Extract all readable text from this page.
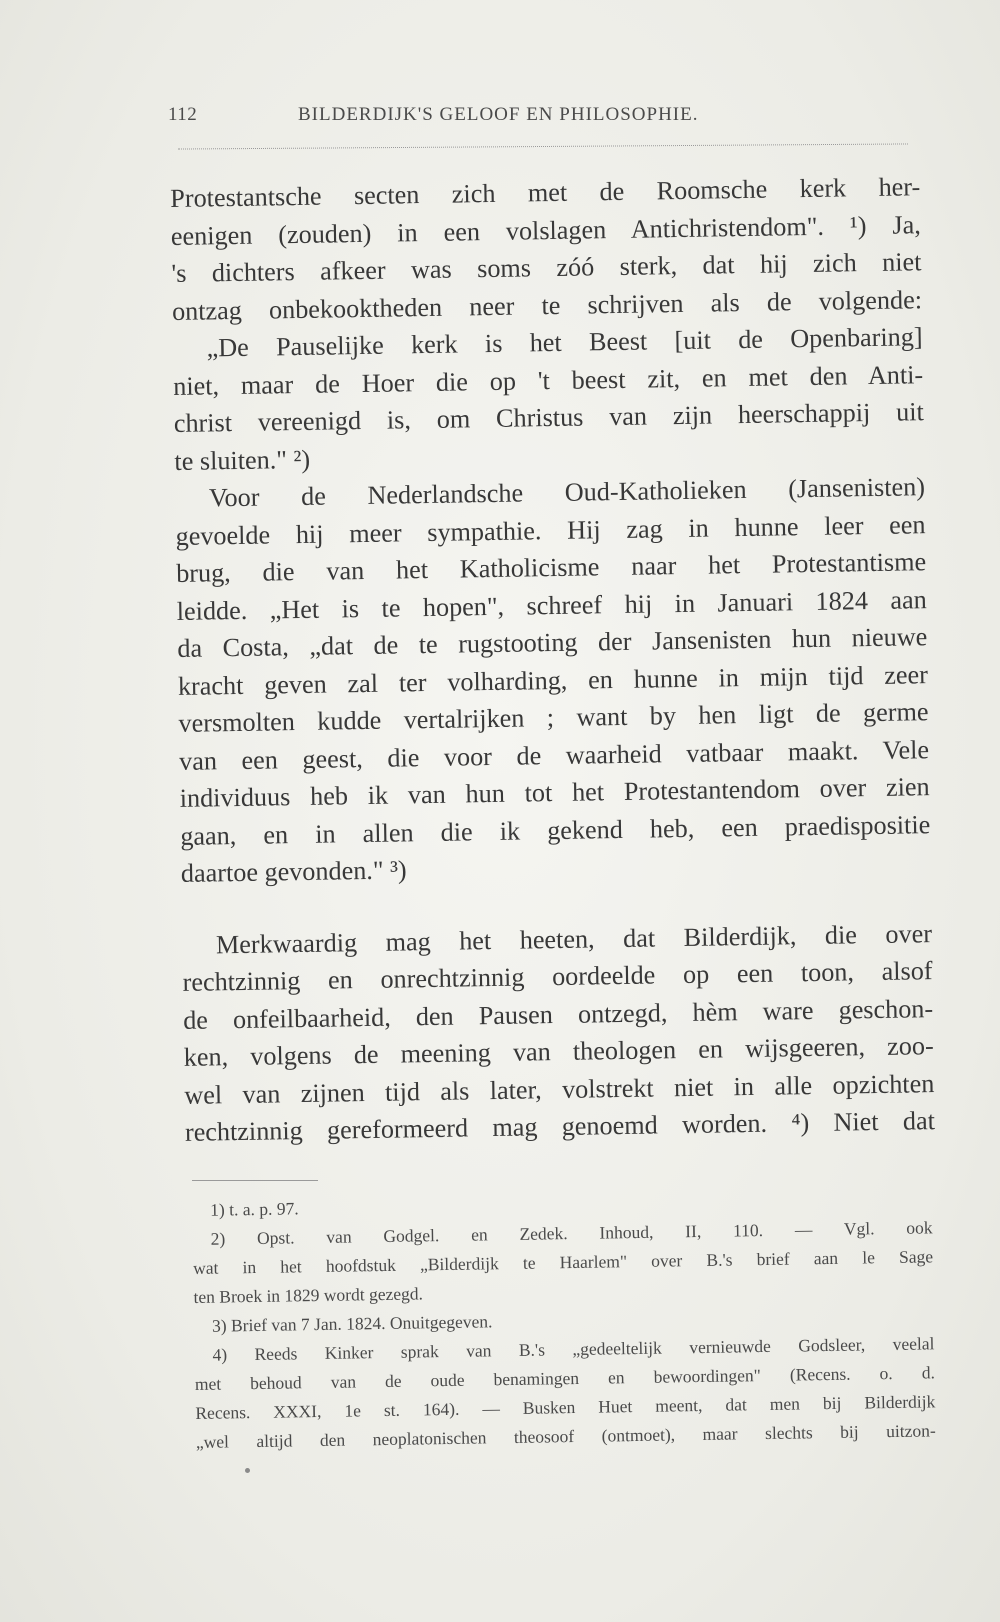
112	BILDERDIJK'S GELOOF EN PHILOSOPHIE.
Protestantsche secten zich met de Roomsche kerk her-
eenigen (zouden) in een volslagen Antichristendom". ¹) Ja,
's dichters afkeer was soms zóó sterk, dat hij zich niet
ontzag onbekooktheden neer te schrijven als de volgende:
„De Pauselijke kerk is het Beest [uit de Openbaring]
niet, maar de Hoer die op 't beest zit, en met den Anti-
christ vereenigd is, om Christus van zijn heerschappij uit
te sluiten." ²)
Voor de Nederlandsche Oud-Katholieken (Jansenisten)
gevoelde hij meer sympathie. Hij zag in hunne leer een
brug, die van het Katholicisme naar het Protestantisme
leidde. „Het is te hopen", schreef hij in Januari 1824 aan
da Costa, „dat de te rugstooting der Jansenisten hun nieuwe
kracht geven zal ter volharding, en hunne in mijn tijd zeer
versmolten kudde vertalrijken ; want by hen ligt de germe
van een geest, die voor de waarheid vatbaar maakt. Vele
individuus heb ik van hun tot het Protestantendom over zien
gaan, en in allen die ik gekend heb, een praedispositie
daartoe gevonden." ³)
Merkwaardig mag het heeten, dat Bilderdijk, die over
rechtzinnig en onrechtzinnig oordeelde op een toon, alsof
de onfeilbaarheid, den Pausen ontzegd, hèm ware geschon-
ken, volgens de meening van theologen en wijsgeeren, zoo-
wel van zijnen tijd als later, volstrekt niet in alle opzichten
rechtzinnig gereformeerd mag genoemd worden. ⁴) Niet dat
1) t. a. p. 97.
2) Opst. van Godgel. en Zedek. Inhoud, II, 110. — Vgl. ook
wat in het hoofdstuk „Bilderdijk te Haarlem" over B.'s brief aan le Sage
ten Broek in 1829 wordt gezegd.
3) Brief van 7 Jan. 1824. Onuitgegeven.
4) Reeds Kinker sprak van B.'s „gedeeltelijk vernieuwde Godsleer, veelal
met behoud van de oude benamingen en bewoordingen" (Recens. o. d.
Recens. XXXI, 1e st. 164). — Busken Huet meent, dat men bij Bilderdijk
„wel altijd den neoplatonischen theosoof (ontmoet), maar slechts bij uitzon-
